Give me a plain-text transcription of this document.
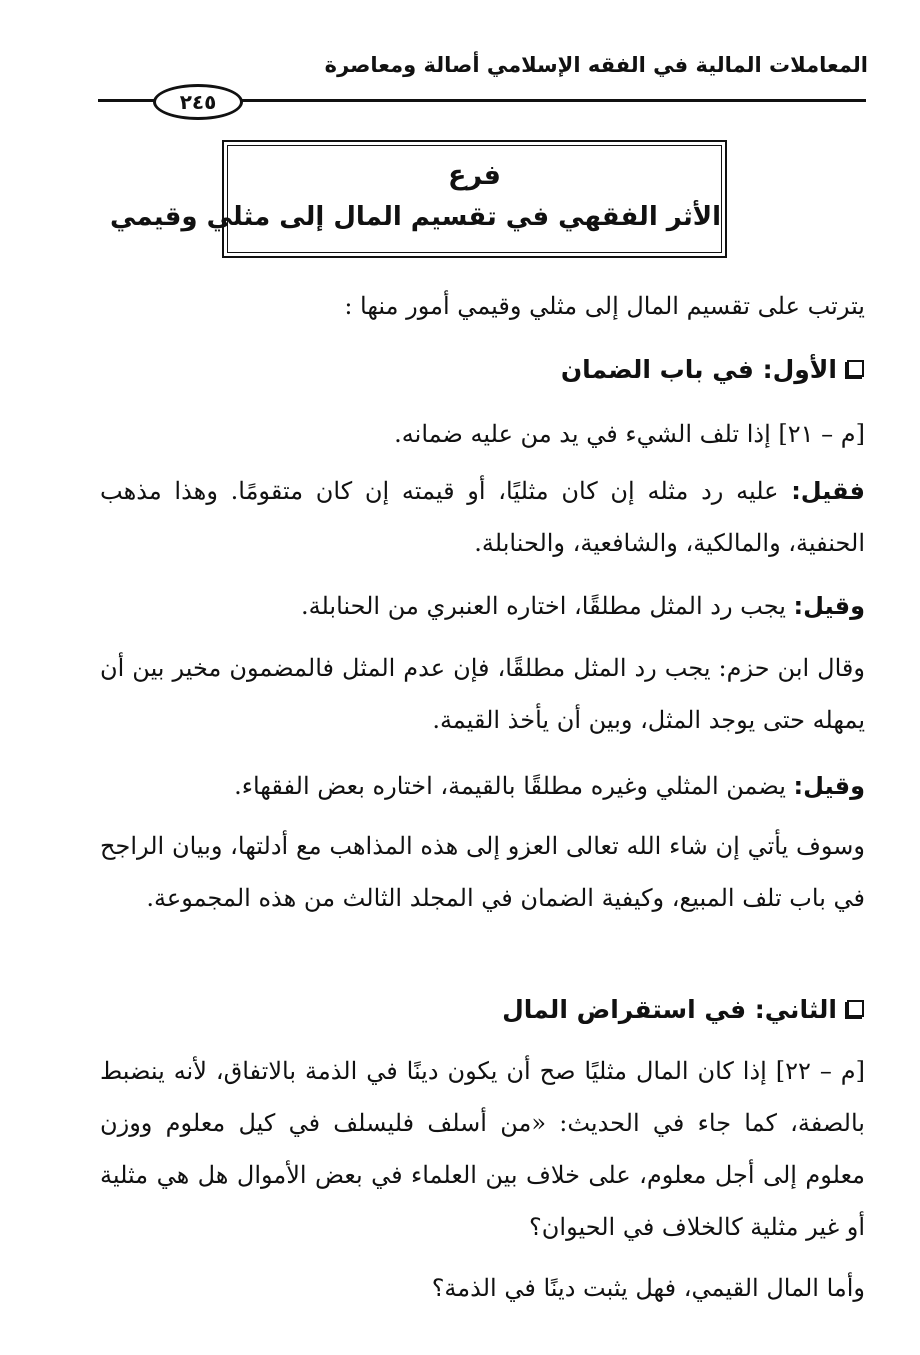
المعاملات المالية في الفقه الإسلامي أصالة ومعاصرة
٢٤٥
فرع
الأثر الفقهي في تقسيم المال إلى مثلي وقيمي

يترتب على تقسيم المال إلى مثلي وقيمي أمور منها :

الأول: في باب الضمان

[م – ٢١] إذا تلف الشيء في يد من عليه ضمانه.

فقيل: عليه رد مثله إن كان مثليًا، أو قيمته إن كان متقومًا. وهذا مذهب الحنفية، والمالكية، والشافعية، والحنابلة.

وقيل: يجب رد المثل مطلقًا، اختاره العنبري من الحنابلة.

وقال ابن حزم: يجب رد المثل مطلقًا، فإن عدم المثل فالمضمون مخير بين أن يمهله حتى يوجد المثل، وبين أن يأخذ القيمة.

وقيل: يضمن المثلي وغيره مطلقًا بالقيمة، اختاره بعض الفقهاء.

وسوف يأتي إن شاء الله تعالى العزو إلى هذه المذاهب مع أدلتها، وبيان الراجح في باب تلف المبيع، وكيفية الضمان في المجلد الثالث من هذه المجموعة.

الثاني: في استقراض المال

[م – ٢٢] إذا كان المال مثليًا صح أن يكون دينًا في الذمة بالاتفاق، لأنه ينضبط بالصفة، كما جاء في الحديث: «من أسلف فليسلف في كيل معلوم ووزن معلوم إلى أجل معلوم، على خلاف بين العلماء في بعض الأموال هل هي مثلية أو غير مثلية كالخلاف في الحيوان؟

وأما المال القيمي، فهل يثبت دينًا في الذمة؟
